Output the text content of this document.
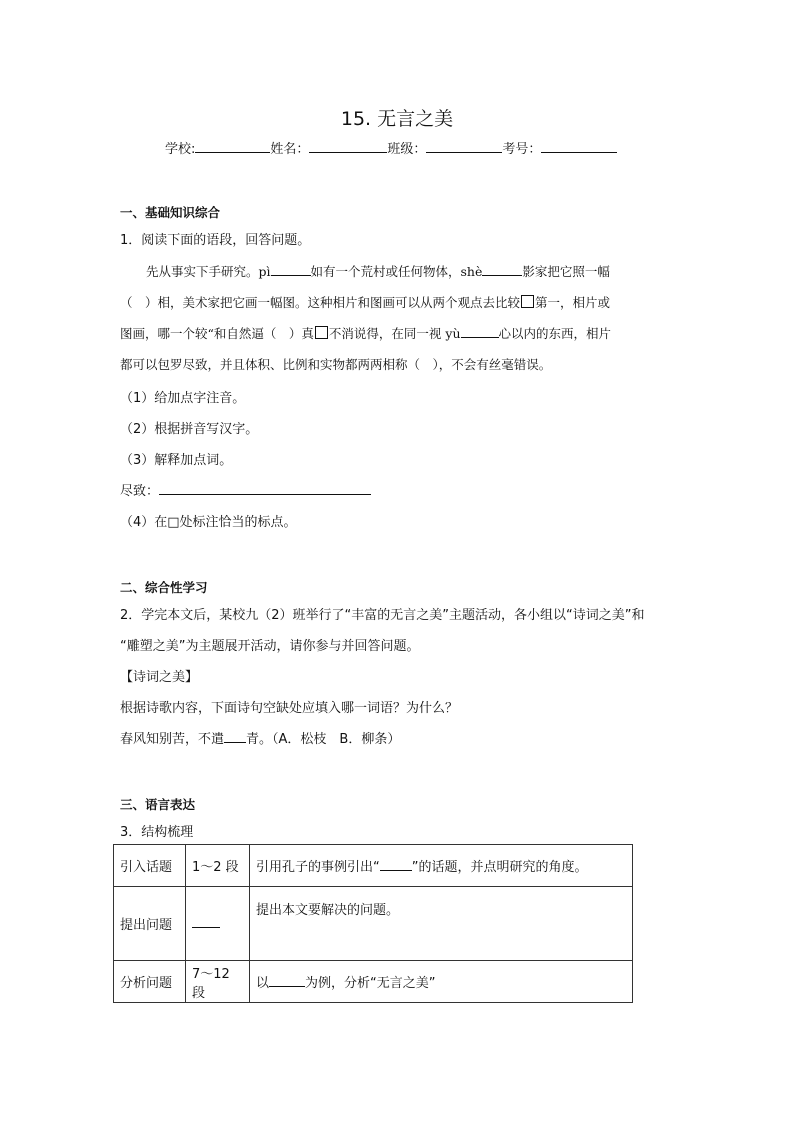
15. 无言之美
学校:	姓名：	班级：	考号：
一、基础知识综合
1．阅读下面的语段，回答问题。
先从事实下手研究。pì	如有一个荒村或任何物体，shè	影家把它照一幅
（　）相，美术家把它画一幅图。这种相片和图画可以从两个观点去比较 第一，相片或
图画，哪一个较“和自然逼（　）真 不消说得，在同一视 yù	心以内的东西，相片
都可以包罗尽致，并且体积、比例和实物都两两相称（　），不会有丝毫错误。
（1）给加点字注音。
（2）根据拼音写汉字。
（3）解释加点词。
尽致：
（4）在□处标注恰当的标点。
二、综合性学习
2．学完本文后，某校九（2）班举行了“丰富的无言之美”主题活动，各小组以“诗词之美”和
“雕塑之美”为主题展开活动，请你参与并回答问题。
【诗词之美】
根据诗歌内容，下面诗句空缺处应填入哪一词语？为什么？
春风知别苦，不遣 青。（A．松枝　B．柳条）
三、语言表达
3．结构梳理
引入话题	1～2 段	引用孔子的事例引出“ ”的话题，并点明研究的角度。
提出问题		提出本文要解决的问题。
分析问题	7～12 段	以 为例，分析“无言之美”
